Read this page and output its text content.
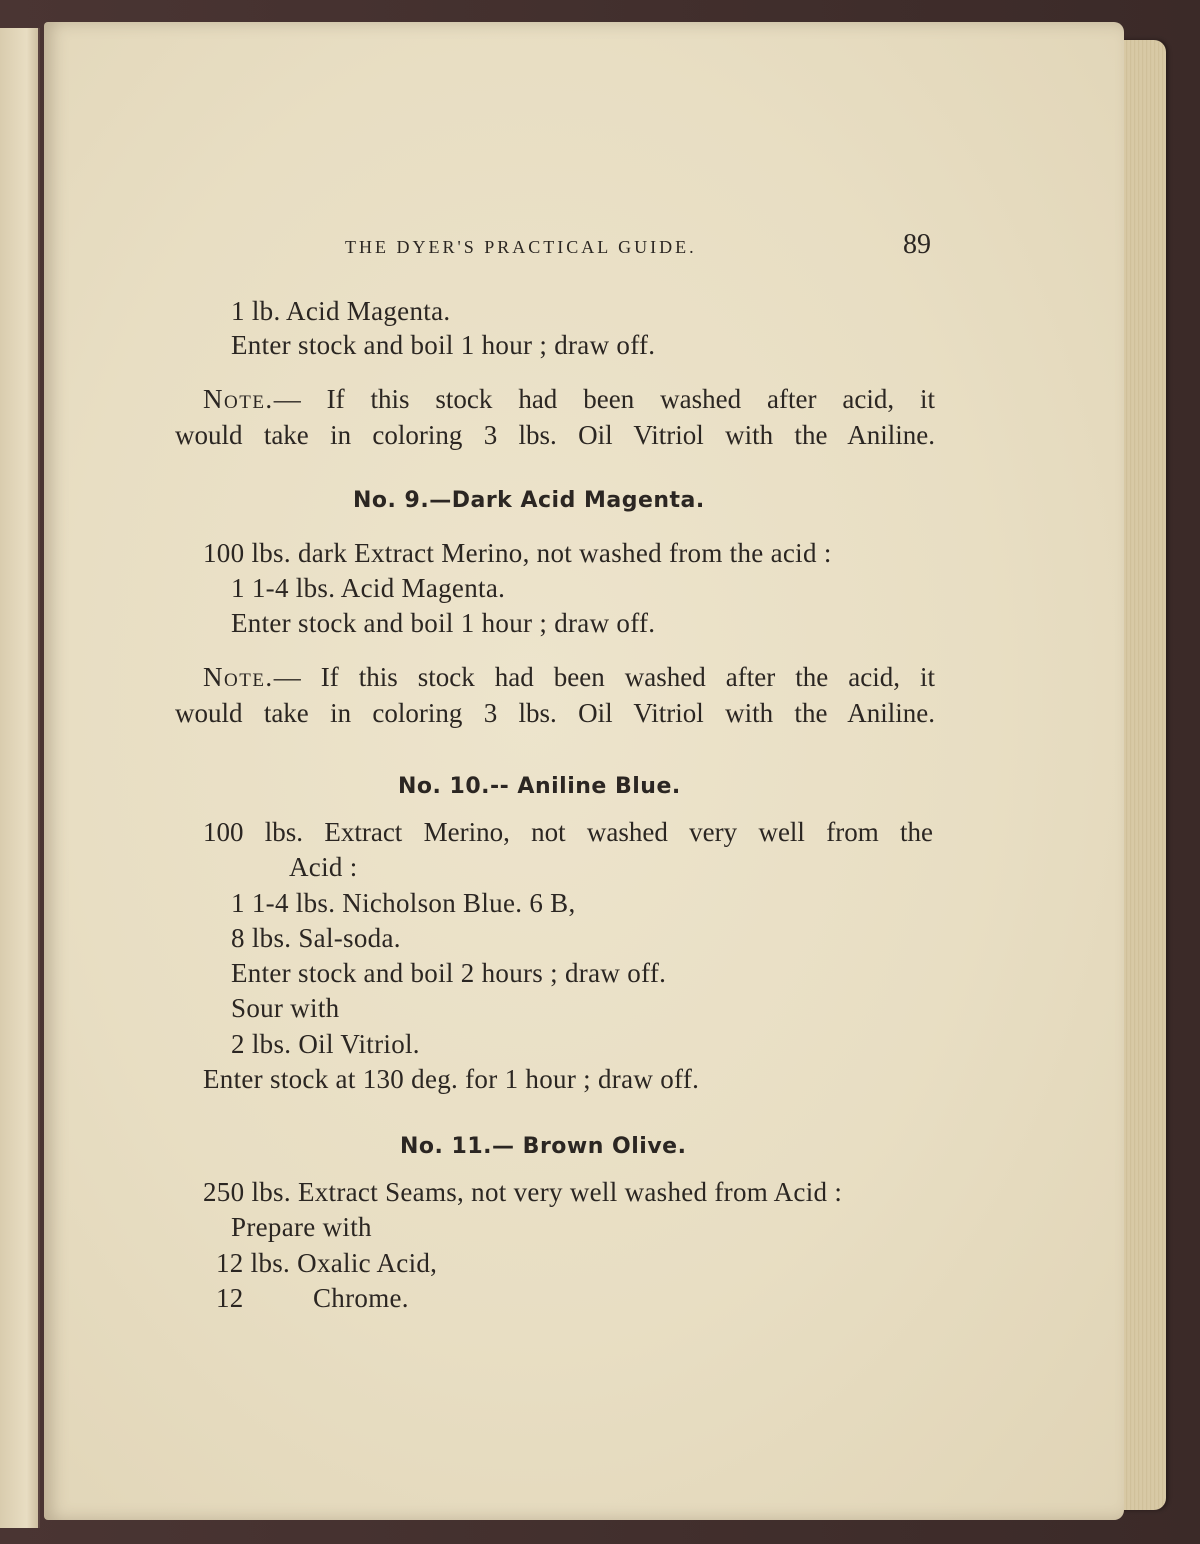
THE DYER'S PRACTICAL GUIDE.	89
1 lb. Acid Magenta.
Enter stock and boil 1 hour ; draw off.
Note.— If this stock had been washed after acid, it
would take in coloring 3 lbs. Oil Vitriol with the Aniline.
No. 9.—Dark Acid Magenta.
100 lbs. dark Extract Merino, not washed from the acid :
1 1-4 lbs. Acid Magenta.
Enter stock and boil 1 hour ; draw off.
Note.— If this stock had been washed after the acid, it
would take in coloring 3 lbs. Oil Vitriol with the Aniline.
No. 10.-- Aniline Blue.
100 lbs. Extract Merino, not washed very well from the
Acid :
1 1-4 lbs. Nicholson Blue. 6 B,
8 lbs. Sal-soda.
Enter stock and boil 2 hours ; draw off.
Sour with
2 lbs. Oil Vitriol.
Enter stock at 130 deg. for 1 hour ; draw off.
No. 11.— Brown Olive.
250 lbs. Extract Seams, not very well washed from Acid :
Prepare with
12 lbs. Oxalic Acid,
12	Chrome.
